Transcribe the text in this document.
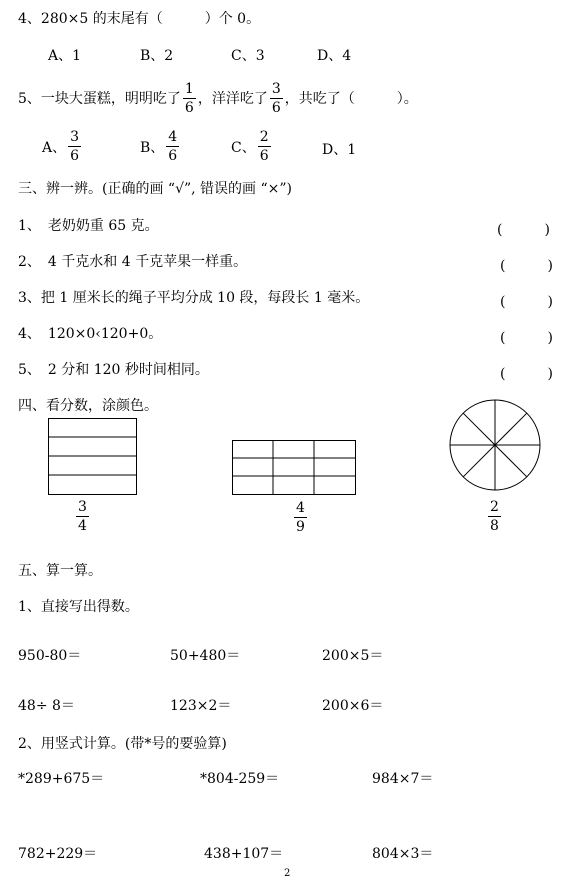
4、280×5 的末尾有（　　　）个 0。
A、1	B、2	C、3	D、4
5、一块大蛋糕，明明吃了 $\frac{1}{6}$ ，洋洋吃了 $\frac{3}{6}$ ，共吃了（　　　）。
A、 $\frac{3}{6}$	B、 $\frac{4}{6}$	C、 $\frac{2}{6}$	D、1
三、辨一辨。(正确的画 “√”, 错误的画 “×”)
1、　老奶奶重 65 克。	(　　　)
2、　4 千克水和 4 千克苹果一样重。	(　　　)
3、把 1 厘米长的绳子平均分成 10 段，每段长 1 毫米。	(　　　)
4、　120×0‹120+0。	(　　　)
5、　2 分和 120 秒时间相同。	(　　　)
四、看分数，涂颜色。
$\frac{3}{4}$	$\frac{4}{9}$	$\frac{2}{8}$
五、算一算。
1、直接写出得数。
950-80＝	50+480＝	200×5＝
48÷ 8＝	123×2＝	200×6＝
2、用竖式计算。(带*号的要验算)
*289+675＝	*804-259＝	984×7＝
782+229＝	438+107＝	804×3＝
2
